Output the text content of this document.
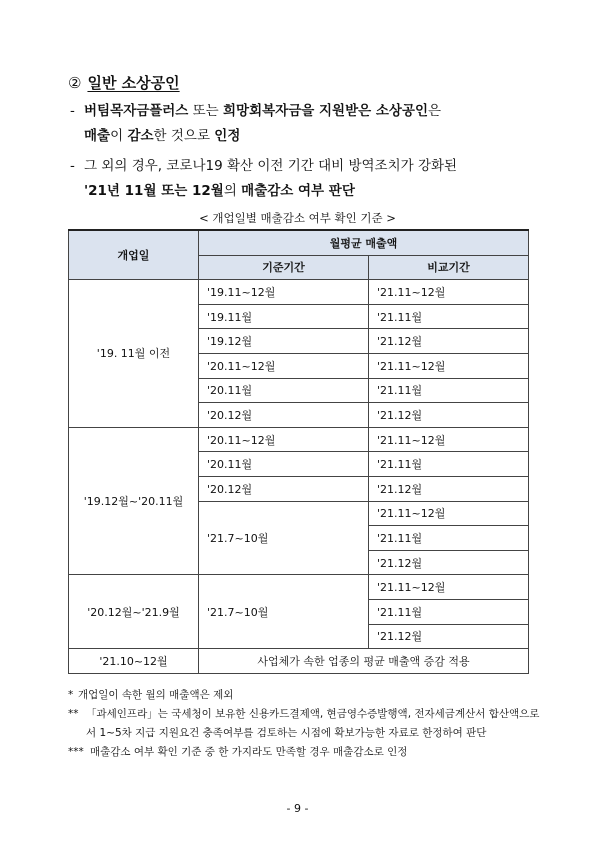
② 일반 소상공인
- 버팀목자금플러스 또는 희망회복자금을 지원받은 소상공인은
매출이 감소한 것으로 인정
- 그 외의 경우, 코로나19 확산 이전 기간 대비 방역조치가 강화된
'21년 11월 또는 12월의 매출감소 여부 판단
< 개업일별 매출감소 여부 확인 기준 >
개업일	월평균 매출액	
	기준기간	비교기간
'19. 11월 이전	'19.11~12월	'21.11~12월
	'19.11월	'21.11월
	'19.12월	'21.12월
	'20.11~12월	'21.11~12월
	'20.11월	'21.11월
	'20.12월	'21.12월
'19.12월~'20.11월	'20.11~12월	'21.11~12월
	'20.11월	'21.11월
	'20.12월	'21.12월
	'21.7~10월	'21.11~12월
		'21.11월
		'21.12월
'20.12월~'21.9월	'21.7~10월	'21.11~12월
		'21.11월
		'21.12월
'21.10~12월	사업체가 속한 업종의 평균 매출액 증감 적용	
* 개업일이 속한 월의 매출액은 제외
** 「과세인프라」는 국세청이 보유한 신용카드결제액, 현금영수증발행액, 전자세금계산서 합산액으로서 1~5차 지급 지원요건 충족여부를 검토하는 시점에 확보가능한 자료로 한정하여 판단
*** 매출감소 여부 확인 기준 중 한 가지라도 만족할 경우 매출감소로 인정
- 9 -
